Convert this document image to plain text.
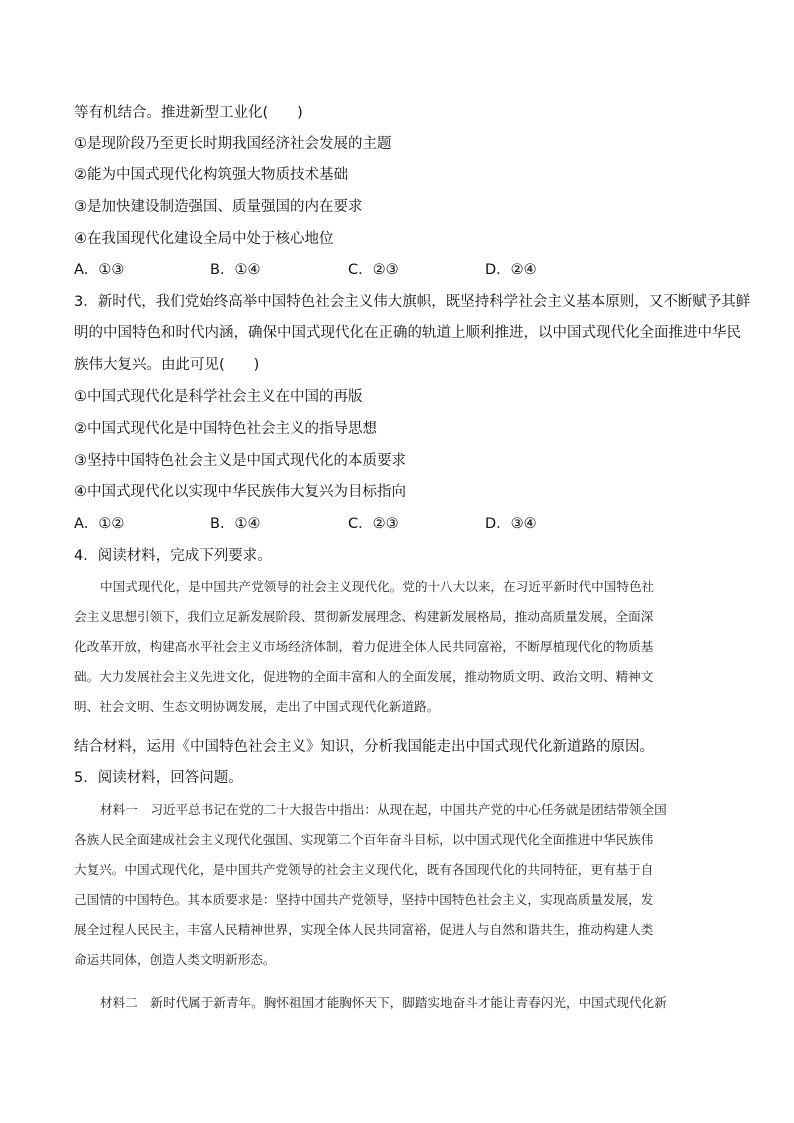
等有机结合。推进新型工业化(　　)
①是现阶段乃至更长时期我国经济社会发展的主题
②能为中国式现代化构筑强大物质技术基础
③是加快建设制造强国、质量强国的内在要求
④在我国现代化建设全局中处于核心地位
A．①③	B．①④	C．②③	D．②④
3．新时代，我们党始终高举中国特色社会主义伟大旗帜，既坚持科学社会主义基本原则，又不断赋予其鲜
明的中国特色和时代内涵，确保中国式现代化在正确的轨道上顺利推进，以中国式现代化全面推进中华民
族伟大复兴。由此可见(　　)
①中国式现代化是科学社会主义在中国的再版
②中国式现代化是中国特色社会主义的指导思想
③坚持中国特色社会主义是中国式现代化的本质要求
④中国式现代化以实现中华民族伟大复兴为目标指向
A．①②	B．①④	C．②③	D．③④
4．阅读材料，完成下列要求。
中国式现代化，是中国共产党领导的社会主义现代化。党的十八大以来，在习近平新时代中国特色社
会主义思想引领下，我们立足新发展阶段、贯彻新发展理念、构建新发展格局，推动高质量发展，全面深
化改革开放，构建高水平社会主义市场经济体制，着力促进全体人民共同富裕，不断厚植现代化的物质基
础。大力发展社会主义先进文化，促进物的全面丰富和人的全面发展，推动物质文明、政治文明、精神文
明、社会文明、生态文明协调发展，走出了中国式现代化新道路。
结合材料，运用《中国特色社会主义》知识，分析我国能走出中国式现代化新道路的原因。
5．阅读材料，回答问题。
材料一　习近平总书记在党的二十大报告中指出：从现在起，中国共产党的中心任务就是团结带领全国
各族人民全面建成社会主义现代化强国、实现第二个百年奋斗目标，以中国式现代化全面推进中华民族伟
大复兴。中国式现代化，是中国共产党领导的社会主义现代化，既有各国现代化的共同特征，更有基于自
己国情的中国特色。其本质要求是：坚持中国共产党领导，坚持中国特色社会主义，实现高质量发展，发
展全过程人民民主，丰富人民精神世界，实现全体人民共同富裕，促进人与自然和谐共生，推动构建人类
命运共同体，创造人类文明新形态。
材料二　新时代属于新青年。胸怀祖国才能胸怀天下，脚踏实地奋斗才能让青春闪光，中国式现代化新
